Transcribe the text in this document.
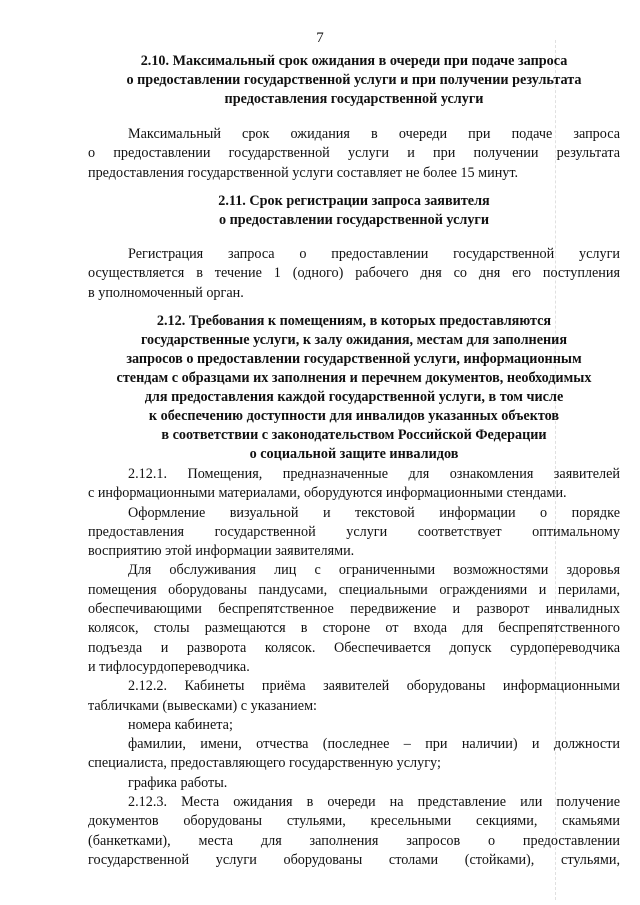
7
2.10. Максимальный срок ожидания в очереди при подаче запроса
о предоставлении государственной услуги и при получении результата
предоставления государственной услуги
Максимальный срок ожидания в очереди при подаче запроса
о предоставлении государственной услуги и при получении результата
предоставления государственной услуги составляет не более 15 минут.
2.11. Срок регистрации запроса заявителя
о предоставлении государственной услуги
Регистрация запроса о предоставлении государственной услуги
осуществляется в течение 1 (одного) рабочего дня со дня его поступления
в уполномоченный орган.
2.12. Требования к помещениям, в которых предоставляются
государственные услуги, к залу ожидания, местам для заполнения
запросов о предоставлении государственной услуги, информационным
стендам с образцами их заполнения и перечнем документов, необходимых
для предоставления каждой государственной услуги, в том числе
к обеспечению доступности для инвалидов указанных объектов
в соответствии с законодательством Российской Федерации
о социальной защите инвалидов
2.12.1. Помещения, предназначенные для ознакомления заявителей
с информационными материалами, оборудуются информационными стендами.
Оформление визуальной и текстовой информации о порядке
предоставления государственной услуги соответствует оптимальному
восприятию этой информации заявителями.
Для обслуживания лиц с ограниченными возможностями здоровья
помещения оборудованы пандусами, специальными ограждениями и перилами,
обеспечивающими беспрепятственное передвижение и разворот инвалидных
колясок, столы размещаются в стороне от входа для беспрепятственного
подъезда и разворота колясок. Обеспечивается допуск сурдопереводчика
и тифлосурдопереводчика.
2.12.2. Кабинеты приёма заявителей оборудованы информационными
табличками (вывесками) с указанием:
номера кабинета;
фамилии, имени, отчества (последнее – при наличии) и должности
специалиста, предоставляющего государственную услугу;
графика работы.
2.12.3. Места ожидания в очереди на представление или получение
документов оборудованы стульями, кресельными секциями, скамьями
(банкетками), места для заполнения запросов о предоставлении
государственной услуги оборудованы столами (стойками), стульями,
